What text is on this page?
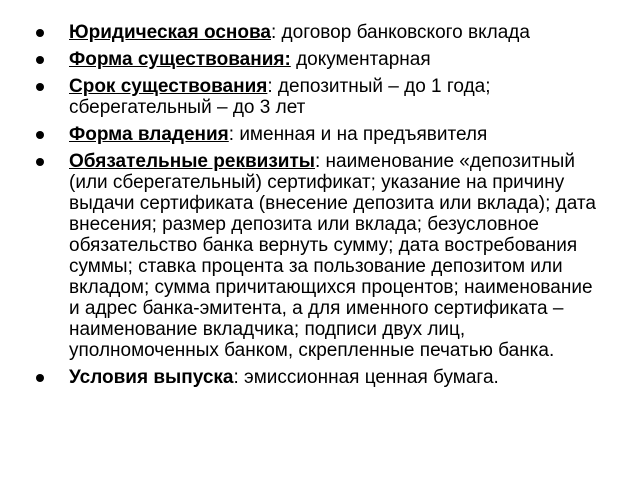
Юридическая основа: договор банковского вклада
Форма существования: документарная
Срок существования: депозитный – до 1 года; сберегательный – до 3 лет
Форма владения: именная и на предъявителя
Обязательные реквизиты: наименование «депозитный (или сберегательный) сертификат; указание на причину выдачи сертификата (внесение депозита или вклада); дата внесения; размер депозита или вклада; безусловное обязательство банка вернуть сумму; дата востребования суммы; ставка процента за пользование депозитом или вкладом; сумма причитающихся процентов; наименование и адрес банка-эмитента, а для именного сертификата – наименование вкладчика; подписи двух лиц, уполномоченных банком, скрепленные печатью банка.
Условия выпуска: эмиссионная ценная бумага.
